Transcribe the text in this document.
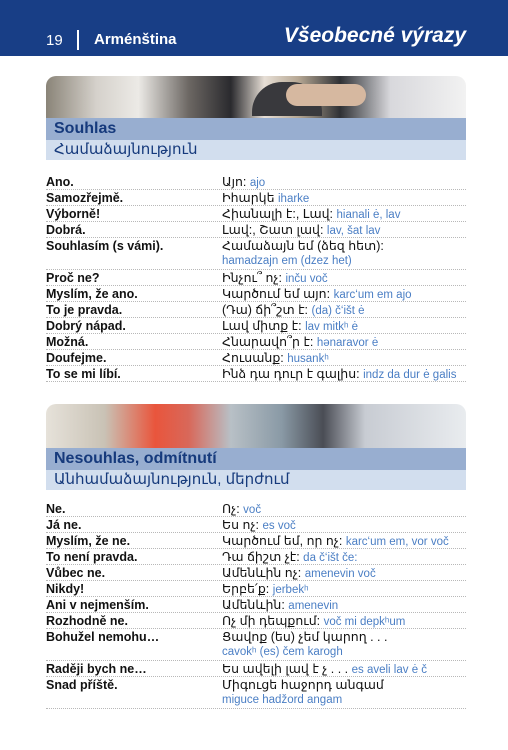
19 Arménština	Všeobecné výrazy
Souhlas
Համաձայնություն
Ano.	Այո: ajo
Samozřejmě.	Իհարկե iharke
Výborně!	Հիանալի է:, Լավ: hianali ė, lav
Dobrá.	Լավ:, Շատ լավ: lav, šat lav
Souhlasím (s vámi).	Համաձայն եմ (ձեզ հետ):
hamadzajn em (dzez het)
Proč ne?	Ինչու՞ ոչ: inču voč
Myslím, že ano.	Կարծում եմ այո: karc‘um em ajo
To je pravda.	(Դա) ճի՞շտ է: (da) č‘išt ė
Dobrý nápad.	Լավ միտք է: lav mitkʰ ė
Možná.	Հնարավո՞ր է: hənaravor ė
Doufejme.	Հուսանք: husankʰ
To se mi líbí.	Ինձ դա դուր է գալիս: indz da dur ė galis
Nesouhlas, odmítnutí
Անհամաձայնություն, մերժում
Ne.	Ոչ: voč
Já ne.	Ես ոչ: es voč
Myslím, že ne.	Կարծում եմ, որ ոչ: karc‘um em, vor voč
To není pravda.	Դա ճիշտ չէ: da č‘išt če:
Vůbec ne.	Ամենևին ոչ: amenevin voč
Nikdy!	Երբե՛ք: jerbekʰ
Ani v nejmenším.	Ամենևին: amenevin
Rozhodně ne.	Ոչ մի դեպքում: voč mi depkʰum
Bohužel nemohu…	Ցավոք (ես) չեմ կարող . . .
cavokʰ (es) čem karogh
Raději bych ne…	Ես ավելի լավ է չ . . . es aveli lav ė č
Snad příště.	Միգուցե հաջորդ անգամ
miguce hadžord angam
